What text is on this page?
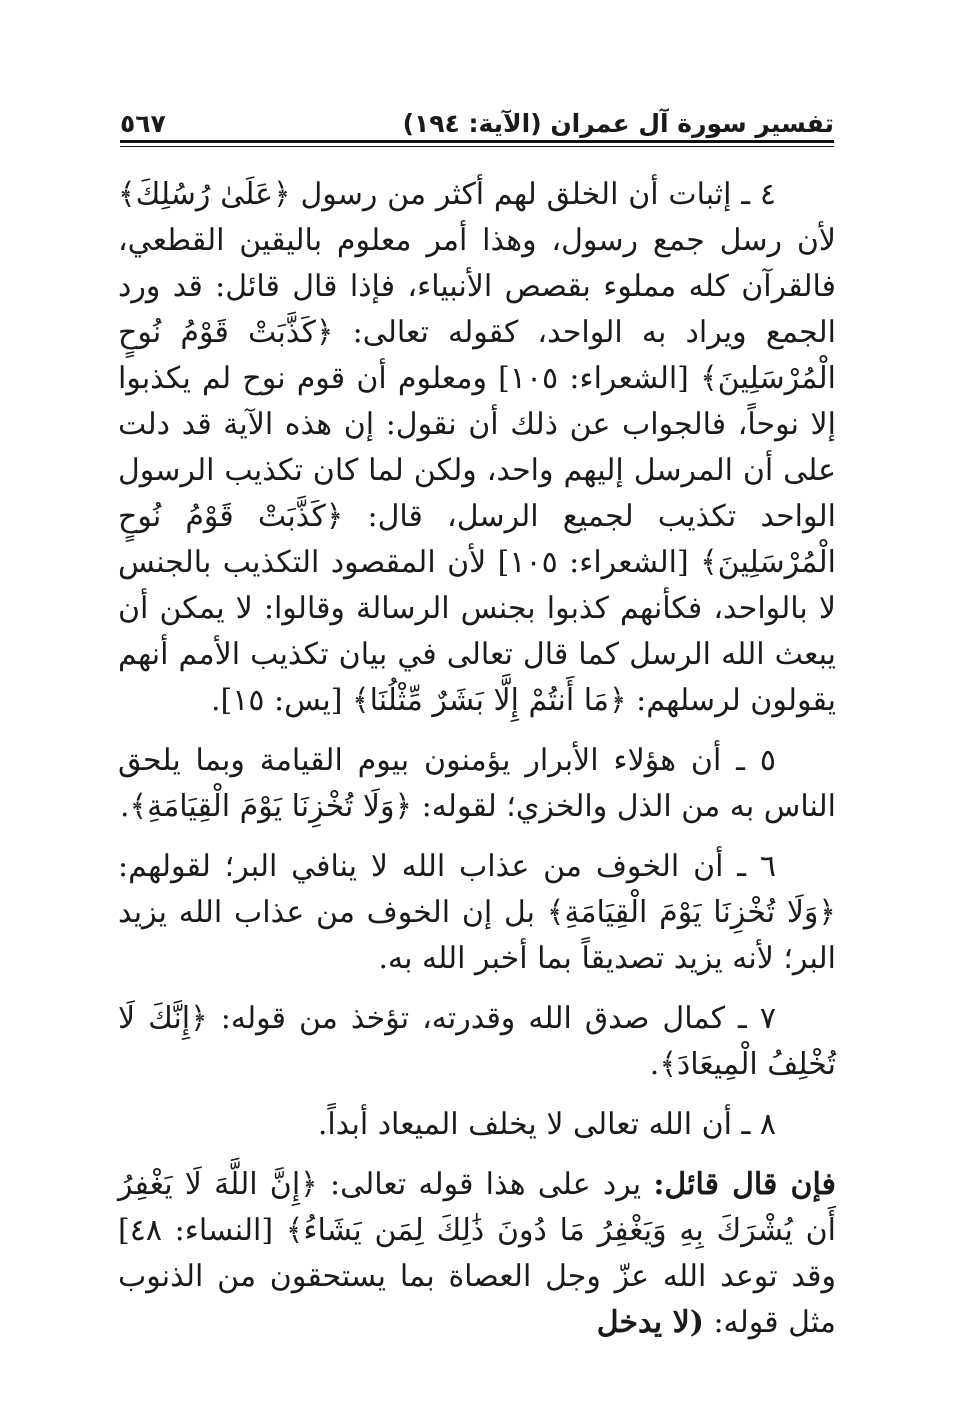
تفسير سورة آل عمران (الآية: ١٩٤)
٥٦٧

٤ ـ إثبات أن الخلق لهم أكثر من رسول ﴿عَلَىٰ رُسُلِكَ﴾ لأن رسل جمع رسول، وهذا أمر معلوم باليقين القطعي، فالقرآن كله مملوء بقصص الأنبياء، فإذا قال قائل: قد ورد الجمع ويراد به الواحد، كقوله تعالى: ﴿كَذَّبَتْ قَوْمُ نُوحٍ الْمُرْسَلِينَ﴾ [الشعراء: ١٠٥] ومعلوم أن قوم نوح لم يكذبوا إلا نوحاً، فالجواب عن ذلك أن نقول: إن هذه الآية قد دلت على أن المرسل إليهم واحد، ولكن لما كان تكذيب الرسول الواحد تكذيب لجميع الرسل، قال: ﴿كَذَّبَتْ قَوْمُ نُوحٍ الْمُرْسَلِينَ﴾ [الشعراء: ١٠٥] لأن المقصود التكذيب بالجنس لا بالواحد، فكأنهم كذبوا بجنس الرسالة وقالوا: لا يمكن أن يبعث الله الرسل كما قال تعالى في بيان تكذيب الأمم أنهم يقولون لرسلهم: ﴿مَا أَنتُمْ إِلَّا بَشَرٌ مِّثْلُنَا﴾ [يس: ١٥].

٥ ـ أن هؤلاء الأبرار يؤمنون بيوم القيامة وبما يلحق الناس به من الذل والخزي؛ لقوله: ﴿وَلَا تُخْزِنَا يَوْمَ الْقِيَامَةِ﴾.

٦ ـ أن الخوف من عذاب الله لا ينافي البر؛ لقولهم: ﴿وَلَا تُخْزِنَا يَوْمَ الْقِيَامَةِ﴾ بل إن الخوف من عذاب الله يزيد البر؛ لأنه يزيد تصديقاً بما أخبر الله به.

٧ ـ كمال صدق الله وقدرته، تؤخذ من قوله: ﴿إِنَّكَ لَا تُخْلِفُ الْمِيعَادَ﴾.

٨ ـ أن الله تعالى لا يخلف الميعاد أبداً.

فإن قال قائل: يرد على هذا قوله تعالى: ﴿إِنَّ اللَّهَ لَا يَغْفِرُ أَن يُشْرَكَ بِهِ وَيَغْفِرُ مَا دُونَ ذَٰلِكَ لِمَن يَشَاءُ﴾ [النساء: ٤٨] وقد توعد الله عزّ وجل العصاة بما يستحقون من الذنوب مثل قوله: (لا يدخل
